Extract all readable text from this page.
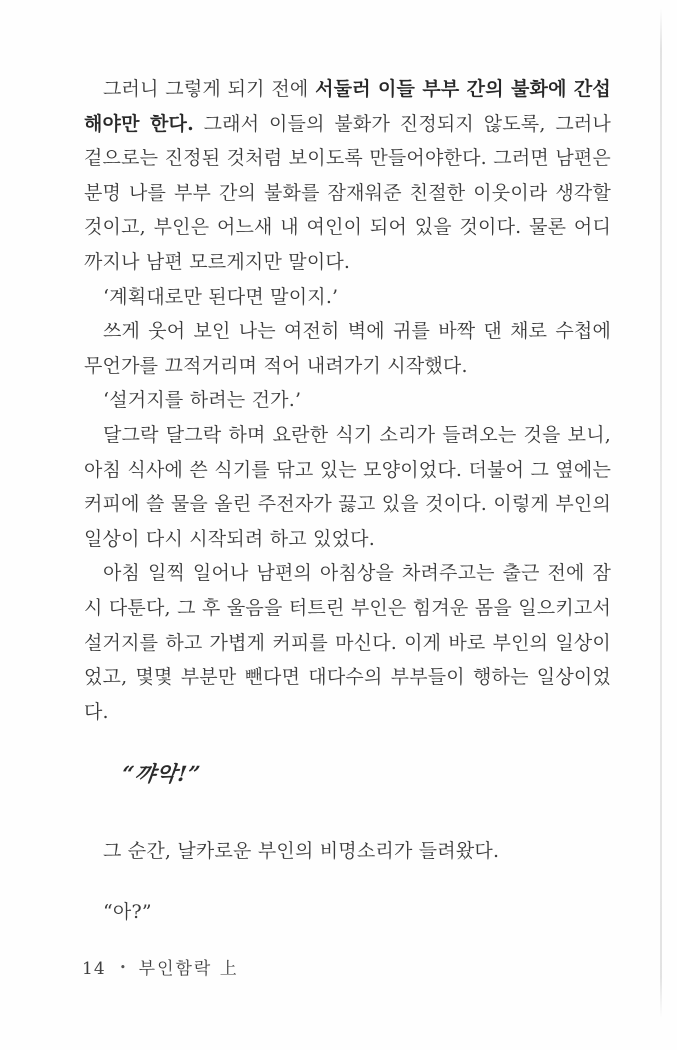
그러니 그렇게 되기 전에 서둘러 이들 부부 간의 불화에 간섭해야만 한다. 그래서 이들의 불화가 진정되지 않도록, 그러나 겉으로는 진정된 것처럼 보이도록 만들어야한다. 그러면 남편은 분명 나를 부부 간의 불화를 잠재워준 친절한 이웃이라 생각할 것이고, 부인은 어느새 내 여인이 되어 있을 것이다. 물론 어디까지나 남편 모르게지만 말이다.

‘계획대로만 된다면 말이지.’

쓰게 웃어 보인 나는 여전히 벽에 귀를 바짝 댄 채로 수첩에 무언가를 끄적거리며 적어 내려가기 시작했다.

‘설거지를 하려는 건가.’

달그락 달그락 하며 요란한 식기 소리가 들려오는 것을 보니, 아침 식사에 쓴 식기를 닦고 있는 모양이었다. 더불어 그 옆에는 커피에 쓸 물을 올린 주전자가 끓고 있을 것이다. 이렇게 부인의 일상이 다시 시작되려 하고 있었다.

아침 일찍 일어나 남편의 아침상을 차려주고는 출근 전에 잠시 다툰다, 그 후 울음을 터트린 부인은 힘겨운 몸을 일으키고서 설거지를 하고 가볍게 커피를 마신다. 이게 바로 부인의 일상이었고, 몇몇 부분만 뺀다면 대다수의 부부들이 행하는 일상이었다.

“꺄악!”

그 순간, 날카로운 부인의 비명소리가 들려왔다.

“아?”

14 • 부인함락 上
